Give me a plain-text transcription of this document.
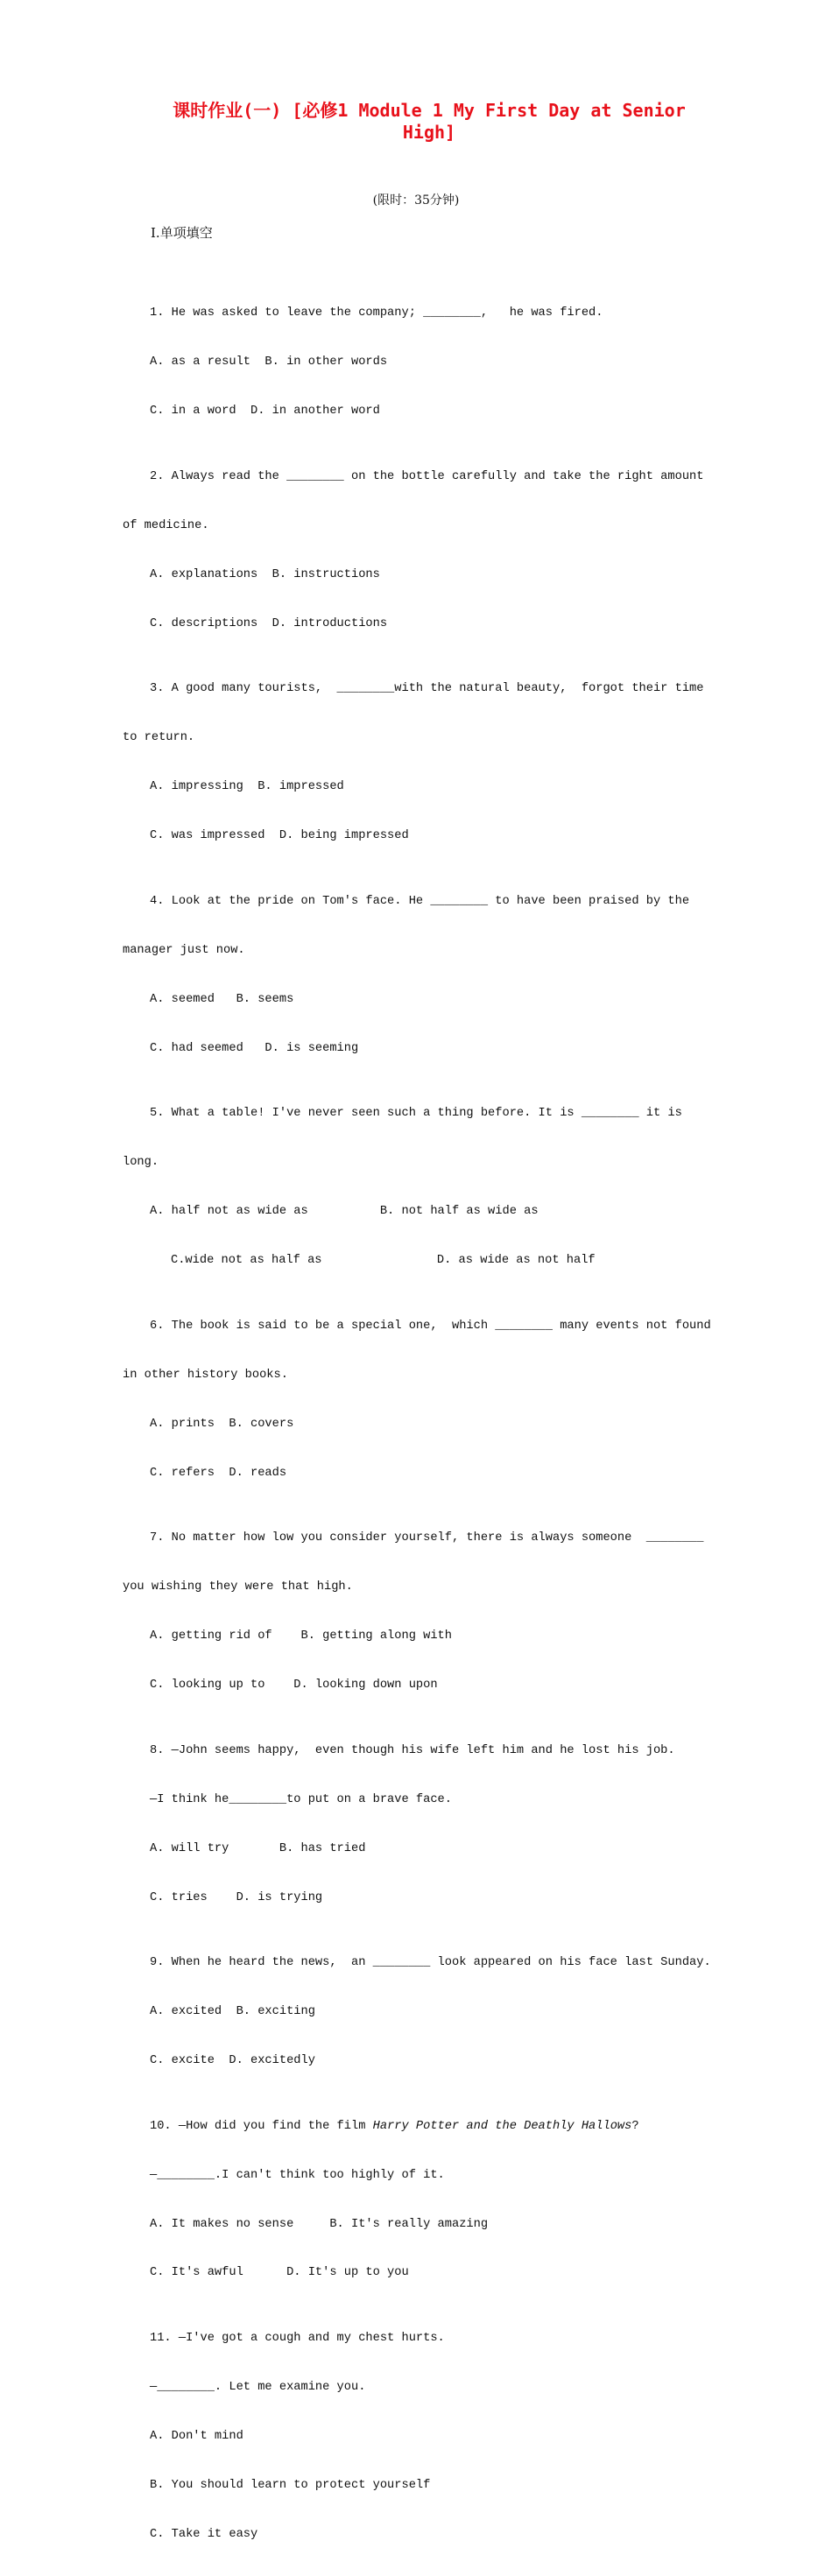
课时作业(一) [必修1 Module 1 My First Day at Senior High]
(限时：35分钟)
Ⅰ.单项填空

1. He was asked to leave the company; ________,   he was fired.

A. as a result  B. in other words

C. in a word  D. in another word

2. Always read the ________ on the bottle carefully and take the right amount

of medicine.

A. explanations  B. instructions

C. descriptions  D. introductions

3. A good many tourists,  ________with the natural beauty,  forgot their time

to return.

A. impressing  B. impressed

C. was impressed  D. being impressed

4. Look at the pride on Tom's face. He ________ to have been praised by the

manager just now.

A. seemed   B. seems

C. had seemed   D. is seeming

5. What a table! I've never seen such a thing before. It is ________ it is

long.

A. half not as wide as          B. not half as wide as

C.wide not as half as                D. as wide as not half

6. The book is said to be a special one,  which ________ many events not found

in other history books.

A. prints  B. covers

C. refers  D. reads

7. No matter how low you consider yourself, there is always someone  ________

you wishing they were that high.

A. getting rid of    B. getting along with

C. looking up to    D. looking down upon

8. —John seems happy,  even though his wife left him and he lost his job.

—I think he________to put on a brave face.

A. will try       B. has tried

C. tries    D. is trying

9. When he heard the news,  an ________ look appeared on his face last Sunday.

A. excited  B. exciting

C. excite  D. excitedly

10. —How did you find the film Harry Potter and the Deathly Hallows?

—________.I can't think too highly of it.

A. It makes no sense     B. It's really amazing

C. It's awful      D. It's up to you

11. —I've got a cough and my chest hurts.

—________. Let me examine you.

A. Don't mind

B. You should learn to protect yourself

C. Take it easy
